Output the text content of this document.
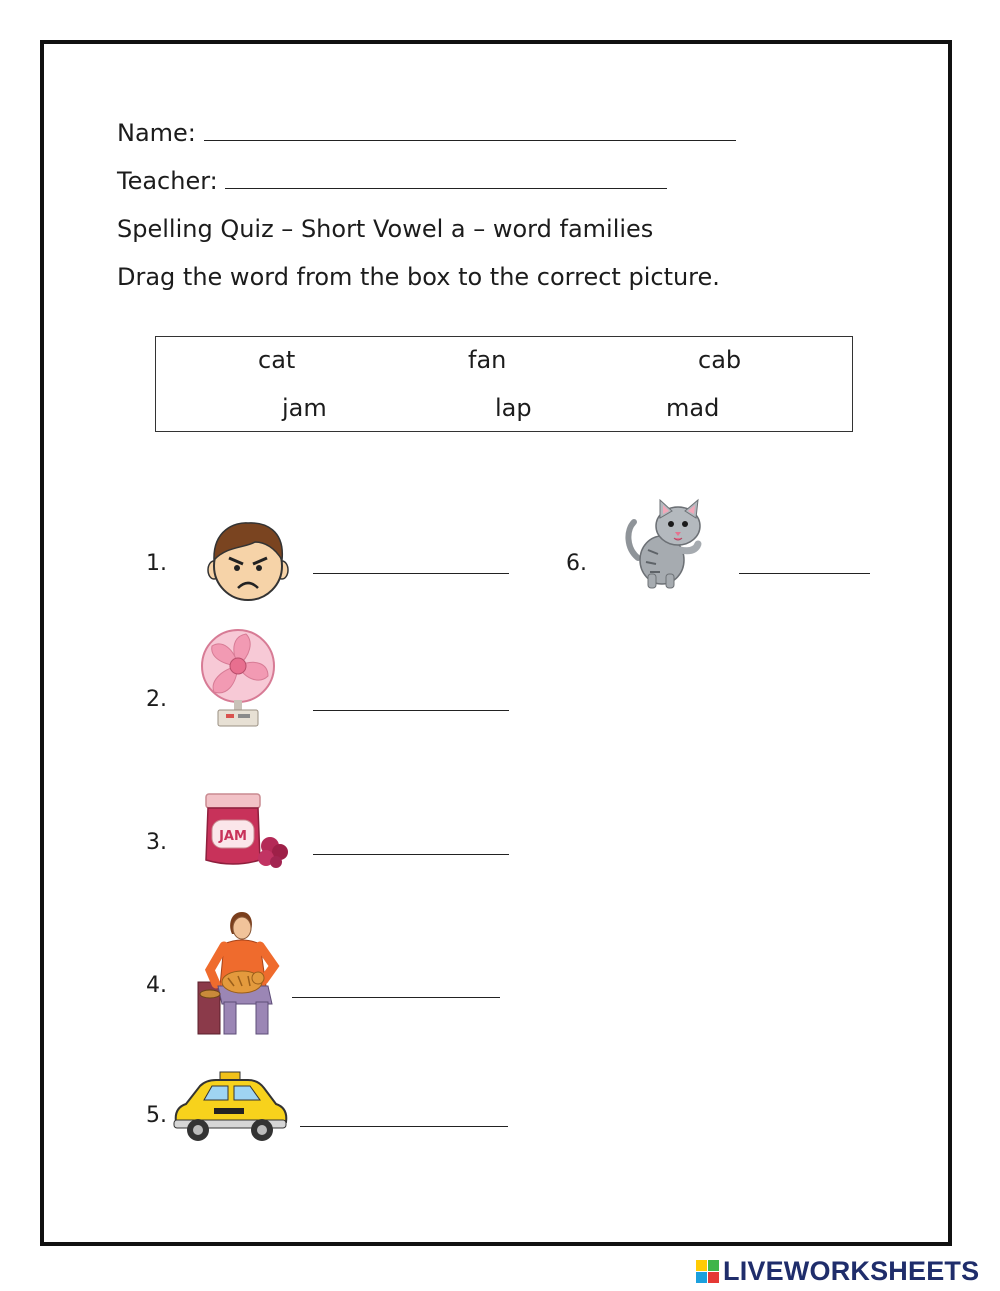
Name:
Teacher:
Spelling Quiz – Short Vowel a – word families
Drag the word from the box to the correct picture.
cat	fan	cab
jam	lap	mad
1.	6.
2.
3.	JAM
4.
5.
LIVEWORKSHEETS
